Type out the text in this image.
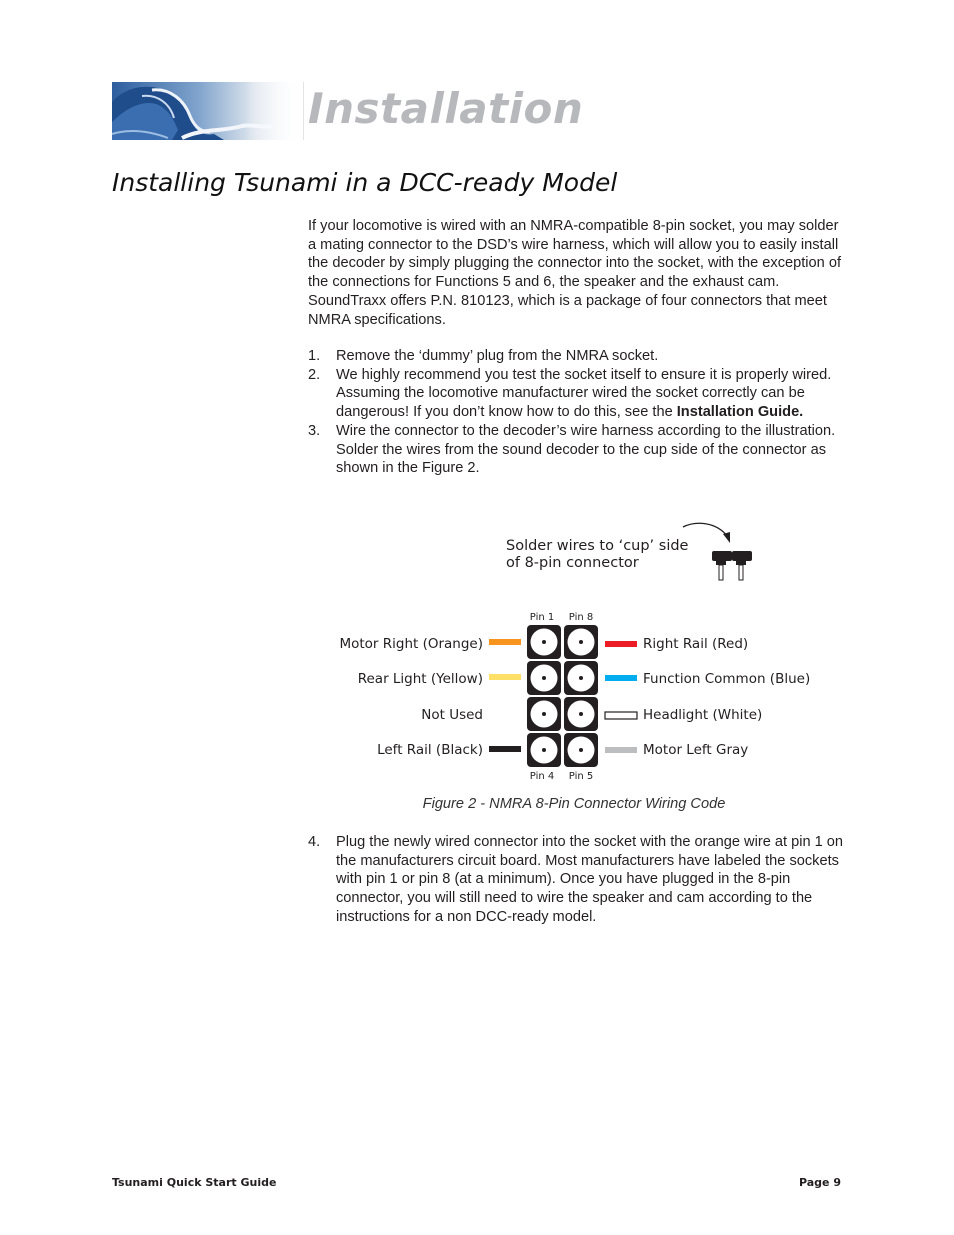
Installation
Installing Tsunami in a DCC-ready Model

If your locomotive is wired with an NMRA-compatible 8-pin socket, you may solder a mating connector to the DSD’s wire harness, which will allow you to easily install the decoder by simply plugging the connector into the socket, with the exception of the connections for Functions 5 and 6, the speaker and the exhaust cam. SoundTraxx offers P.N. 810123, which is a package of four connectors that meet NMRA specifications.

1. Remove the ‘dummy’ plug from the NMRA socket.
2. We highly recommend you test the socket itself to ensure it is properly wired. Assuming the locomotive manufacturer wired the socket correctly can be dangerous! If you don’t know how to do this, see the Installation Guide.
3. Wire the connector to the decoder’s wire harness according to the illustration. Solder the wires from the sound decoder to the cup side of the connector as shown in the Figure 2.
Solder wires to ‘cup’ side
of 8-pin connector
Pin 1 Pin 8
Pin 4 Pin 5
Motor Right (Orange)
Rear Light (Yellow)
Not Used
Left Rail (Black)
Right Rail (Red)
Function Common (Blue)
Headlight (White)
Motor Left Gray
Figure 2 - NMRA 8-Pin Connector Wiring Code
4. Plug the newly wired connector into the socket with the orange wire at pin 1 on the manufacturers circuit board. Most manufacturers have labeled the sockets with pin 1 or pin 8 (at a minimum). Once you have plugged in the 8-pin connector, you will still need to wire the speaker and cam according to the instructions for a non DCC-ready model.
Tsunami Quick Start Guide	Page 9
